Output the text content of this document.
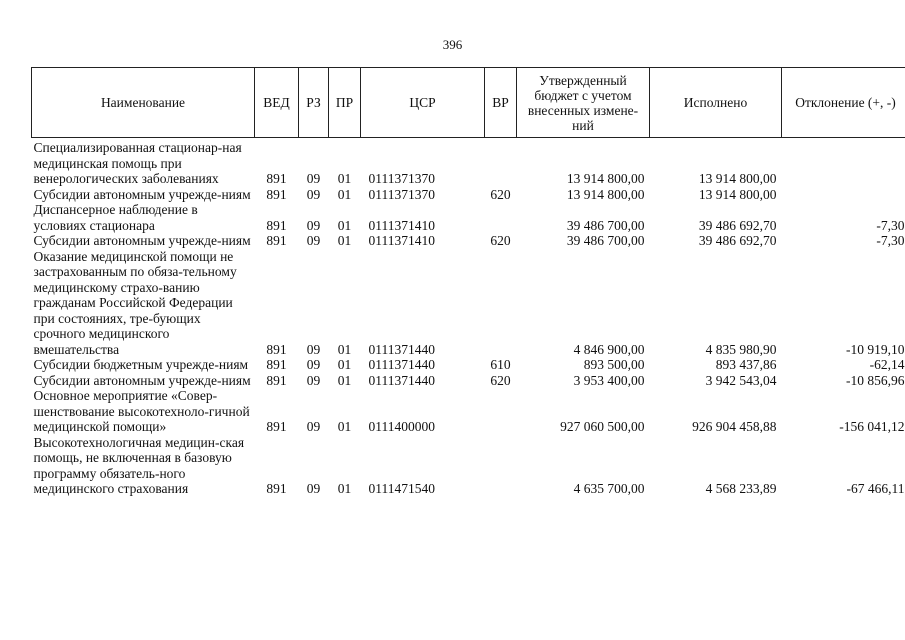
396
Наименование	ВЕД	РЗ	ПР	ЦСР	ВР	Утвержденный бюджет с учетом внесенных измене-ний	Исполнено	Отклонение (+, -)
Специализированная стационар-ная медицинская помощь при венерологических заболеваниях	891	09	01	0111371370		13 914 800,00	13 914 800,00	
Субсидии автономным учрежде-ниям	891	09	01	0111371370	620	13 914 800,00	13 914 800,00	
Диспансерное наблюдение в условиях стационара	891	09	01	0111371410		39 486 700,00	39 486 692,70	-7,30
Субсидии автономным учрежде-ниям	891	09	01	0111371410	620	39 486 700,00	39 486 692,70	-7,30
Оказание медицинской помощи не застрахованным по обяза-тельному медицинскому страхо-ванию гражданам Российской Федерации при состояниях, тре-бующих срочного медицинского вмешательства	891	09	01	0111371440		4 846 900,00	4 835 980,90	-10 919,10
Субсидии бюджетным учрежде-ниям	891	09	01	0111371440	610	893 500,00	893 437,86	-62,14
Субсидии автономным учрежде-ниям	891	09	01	0111371440	620	3 953 400,00	3 942 543,04	-10 856,96
Основное мероприятие «Совер-шенствование высокотехноло-гичной медицинской помощи»	891	09	01	0111400000		927 060 500,00	926 904 458,88	-156 041,12
Высокотехнологичная медицин-ская помощь, не включенная в базовую программу обязатель-ного медицинского страхования	891	09	01	0111471540		4 635 700,00	4 568 233,89	-67 466,11
